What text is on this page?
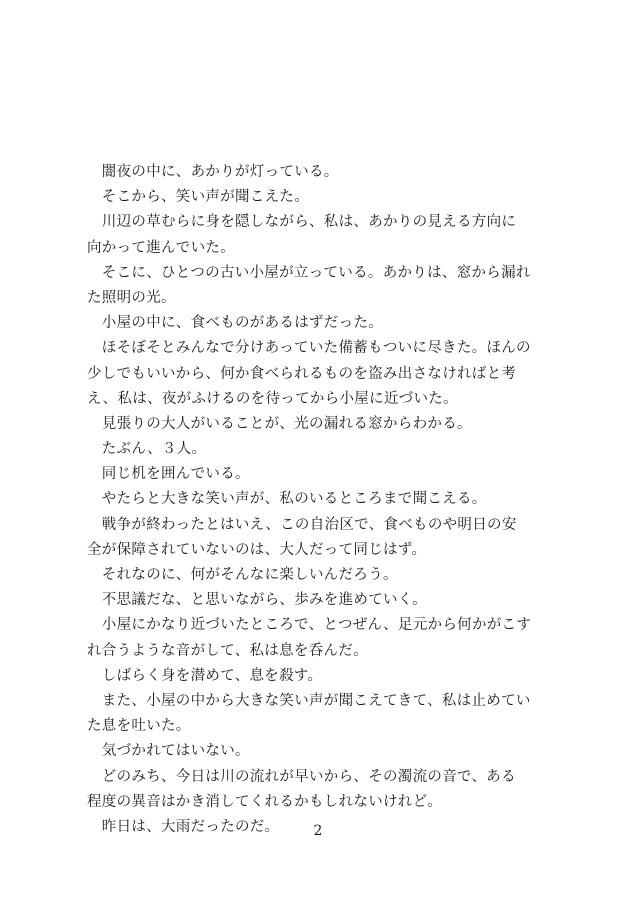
　闇夜の中に、あかりが灯っている。
　そこから、笑い声が聞こえた。
　川辺の草むらに身を隠しながら、私は、あかりの見える方向に
向かって進んでいた。
　そこに、ひとつの古い小屋が立っている。あかりは、窓から漏れ
た照明の光。
　小屋の中に、食べものがあるはずだった。
　ほそぼそとみんなで分けあっていた備蓄もついに尽きた。ほんの
少しでもいいから、何か食べられるものを盗み出さなければと考
え、私は、夜がふけるのを待ってから小屋に近づいた。
　見張りの大人がいることが、光の漏れる窓からわかる。
　たぶん、３人。
　同じ机を囲んでいる。
　やたらと大きな笑い声が、私のいるところまで聞こえる。
　戦争が終わったとはいえ、この自治区で、食べものや明日の安
全が保障されていないのは、大人だって同じはず。
　それなのに、何がそんなに楽しいんだろう。
　不思議だな、と思いながら、歩みを進めていく。
　小屋にかなり近づいたところで、とつぜん、足元から何かがこす
れ合うような音がして、私は息を呑んだ。
　しばらく身を潜めて、息を殺す。
　また、小屋の中から大きな笑い声が聞こえてきて、私は止めてい
た息を吐いた。
　気づかれてはいない。
　どのみち、今日は川の流れが早いから、その濁流の音で、ある
程度の異音はかき消してくれるかもしれないけれど。
　昨日は、大雨だったのだ。	2
